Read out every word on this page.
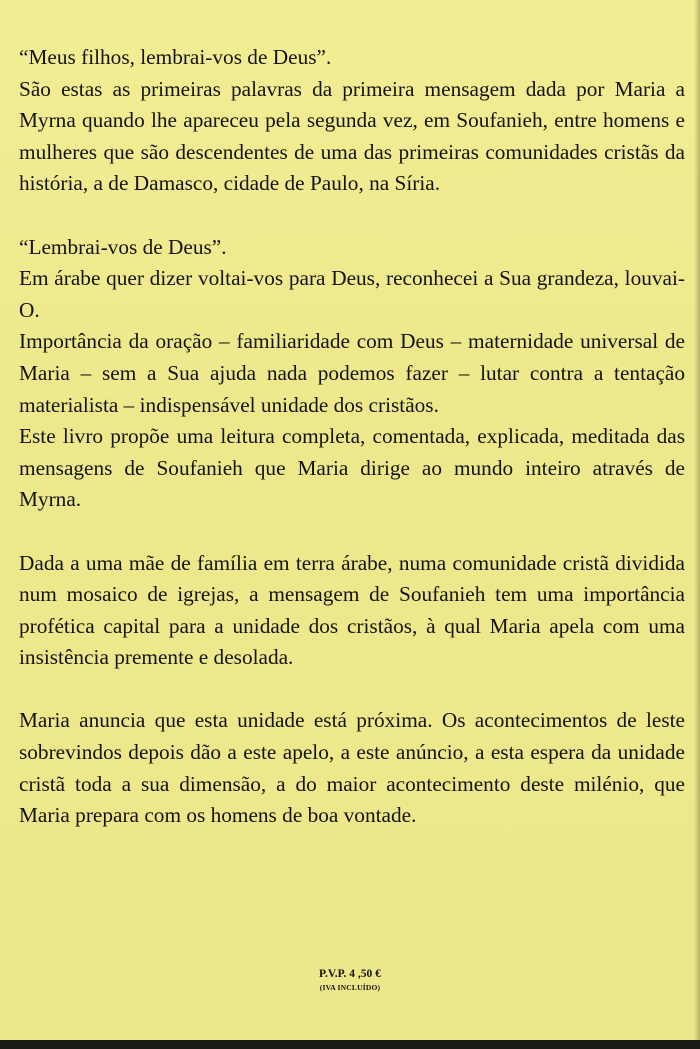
“Meus filhos, lembrai-vos de Deus”.

São estas as primeiras palavras da primeira mensagem dada por Maria a Myrna quando lhe apareceu pela segunda vez, em Soufanieh, entre homens e mulheres que são descendentes de uma das primeiras comunidades cristãs da história, a de Damasco, cidade de Paulo, na Síria.

“Lembrai-vos de Deus”.

Em árabe quer dizer voltai-vos para Deus, reconhecei a Sua grandeza, louvai-O.

Importância da oração – familiaridade com Deus – maternidade universal de Maria – sem a Sua ajuda nada podemos fazer – lutar contra a tentação materialista – indispensável unidade dos cristãos.

Este livro propõe uma leitura completa, comentada, explicada, meditada das mensagens de Soufanieh que Maria dirige ao mundo inteiro através de Myrna.

Dada a uma mãe de família em terra árabe, numa comunidade cristã dividida num mosaico de igrejas, a mensagem de Soufanieh tem uma importância profética capital para a unidade dos cristãos, à qual Maria apela com uma insistência premente e desolada.

Maria anuncia que esta unidade está próxima. Os acontecimentos de leste sobrevindos depois dão a este apelo, a este anúncio, a esta espera da unidade cristã toda a sua dimensão, a do maior acontecimento deste milénio, que Maria prepara com os homens de boa vontade.

P.V.P. 4 ,50 €
(IVA INCLUÍDO)
